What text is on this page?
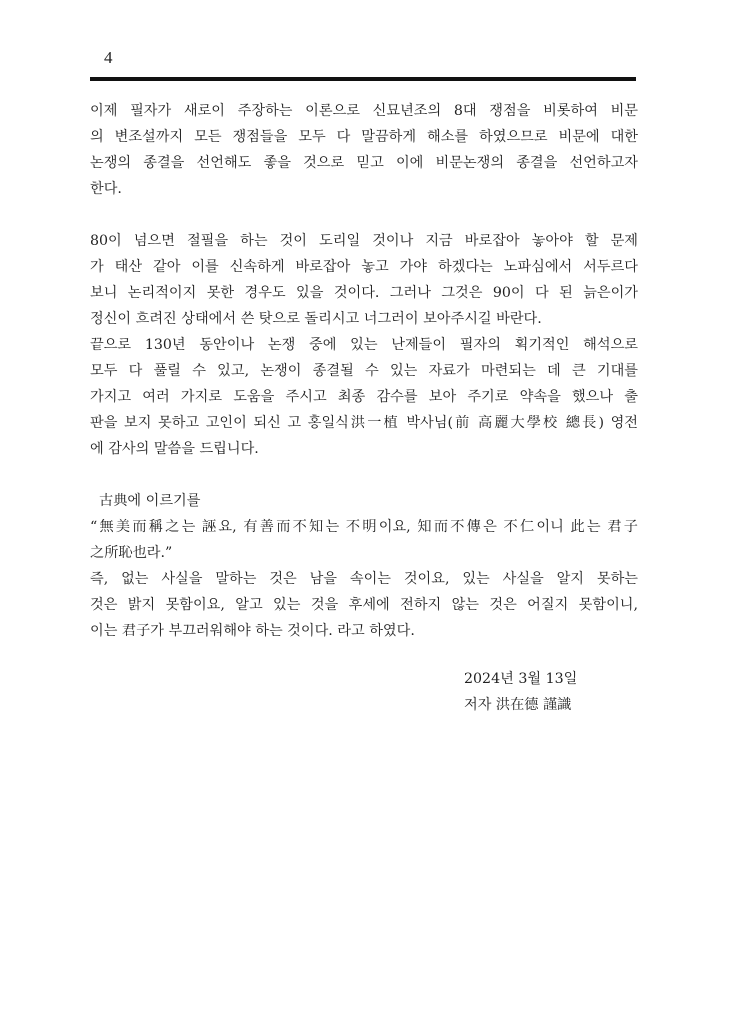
4
이제 필자가 새로이 주장하는 이론으로 신묘년조의 8대 쟁점을 비롯하여 비문
의 변조설까지 모든 쟁점들을 모두 다 말끔하게 해소를 하였으므로 비문에 대한
논쟁의 종결을 선언해도 좋을 것으로 믿고 이에 비문논쟁의 종결을 선언하고자
한다.
80이 넘으면 절필을 하는 것이 도리일 것이나 지금 바로잡아 놓아야 할 문제
가 태산 같아 이를 신속하게 바로잡아 놓고 가야 하겠다는 노파심에서 서두르다
보니 논리적이지 못한 경우도 있을 것이다. 그러나 그것은 90이 다 된 늙은이가
정신이 흐려진 상태에서 쓴 탓으로 돌리시고 너그러이 보아주시길 바란다.
끝으로 130년 동안이나 논쟁 중에 있는 난제들이 필자의 획기적인 해석으로
모두 다 풀릴 수 있고, 논쟁이 종결될 수 있는 자료가 마련되는 데 큰 기대를
가지고 여러 가지로 도움을 주시고 최종 감수를 보아 주기로 약속을 했으나 출
판을 보지 못하고 고인이 되신 고 홍일식洪一植 박사님(前 高麗大學校 總長) 영전
에 감사의 말씀을 드립니다.
古典에 이르기를
“無美而稱之는 誣요, 有善而不知는 不明이요, 知而不傳은 不仁이니 此는 君子
之所恥也라.”
즉, 없는 사실을 말하는 것은 남을 속이는 것이요, 있는 사실을 알지 못하는
것은 밝지 못함이요, 알고 있는 것을 후세에 전하지 않는 것은 어질지 못함이니,
이는 君子가 부끄러워해야 하는 것이다. 라고 하였다.
2024년 3월 13일
저자 洪在德 謹識
